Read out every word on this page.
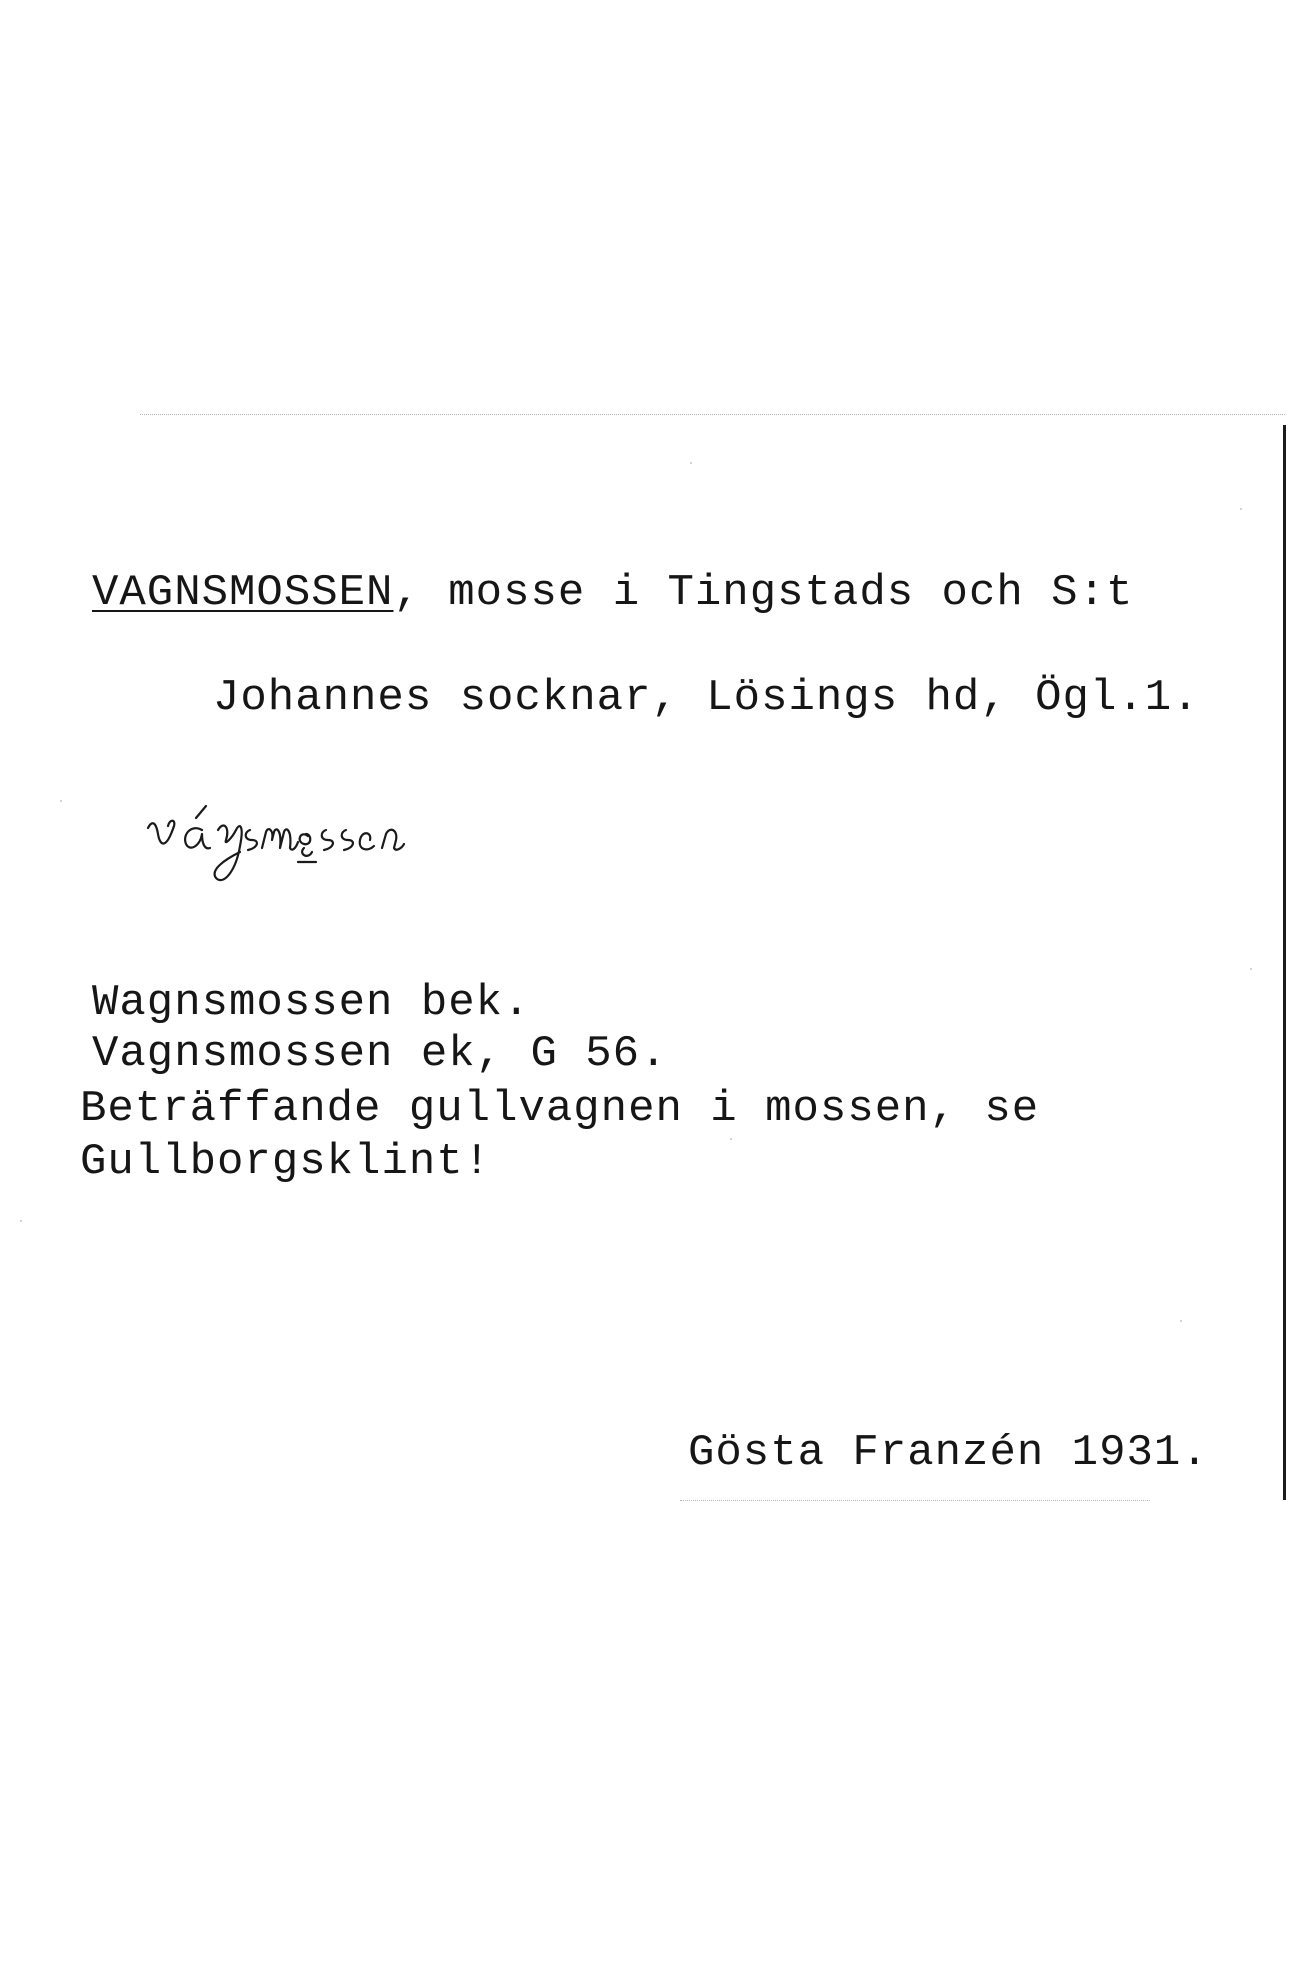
VAGNSMOSSEN, mosse i Tingstads och S:t
Johannes socknar, Lösings hd, Ögl.1.
Wagnsmossen bek.
Vagnsmossen ek, G 56.
Beträffande gullvagnen i mossen, se
Gullborgsklint!
Gösta Franzén 1931.
